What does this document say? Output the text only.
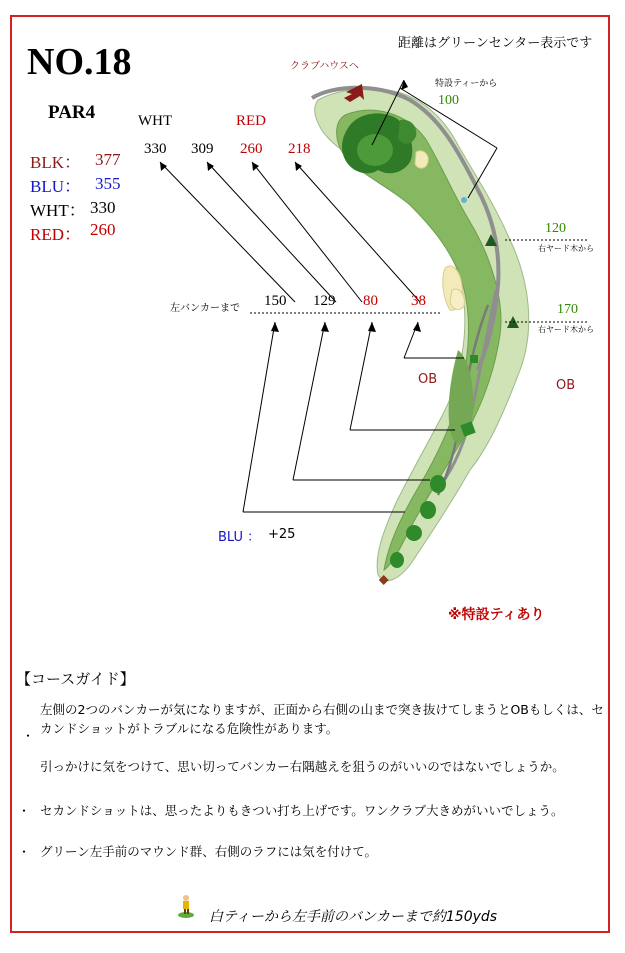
NO.18	距離はグリーンセンター表示です
PAR4
BLK： 377
BLU： 355
WHT： 330
RED： 260
クラブハウスへ
特設ティーから
100
120
右ヤード木から
170
右ヤード木から
OB	OB
WHT	RED
330 309 260 218
左バンカーまで 150 129 80 38
BLU ： +25
※特設ティあり
【コースガイド】
・
左側の2つのバンカーが気になりますが、正面から右側の山まで突き抜けてしまうとOBもしくは、セカンドショットがトラブルになる危険性があります。
引っかけに気をつけて、思い切ってバンカー右隅越えを狙うのがいいのではないでしょうか。
・ セカンドショットは、思ったよりもきつい打ち上げです。ワンクラブ大きめがいいでしょう。
・ グリーン左手前のマウンド群、右側のラフには気を付けて。
白ティーから左手前のバンカーまで約150yds
